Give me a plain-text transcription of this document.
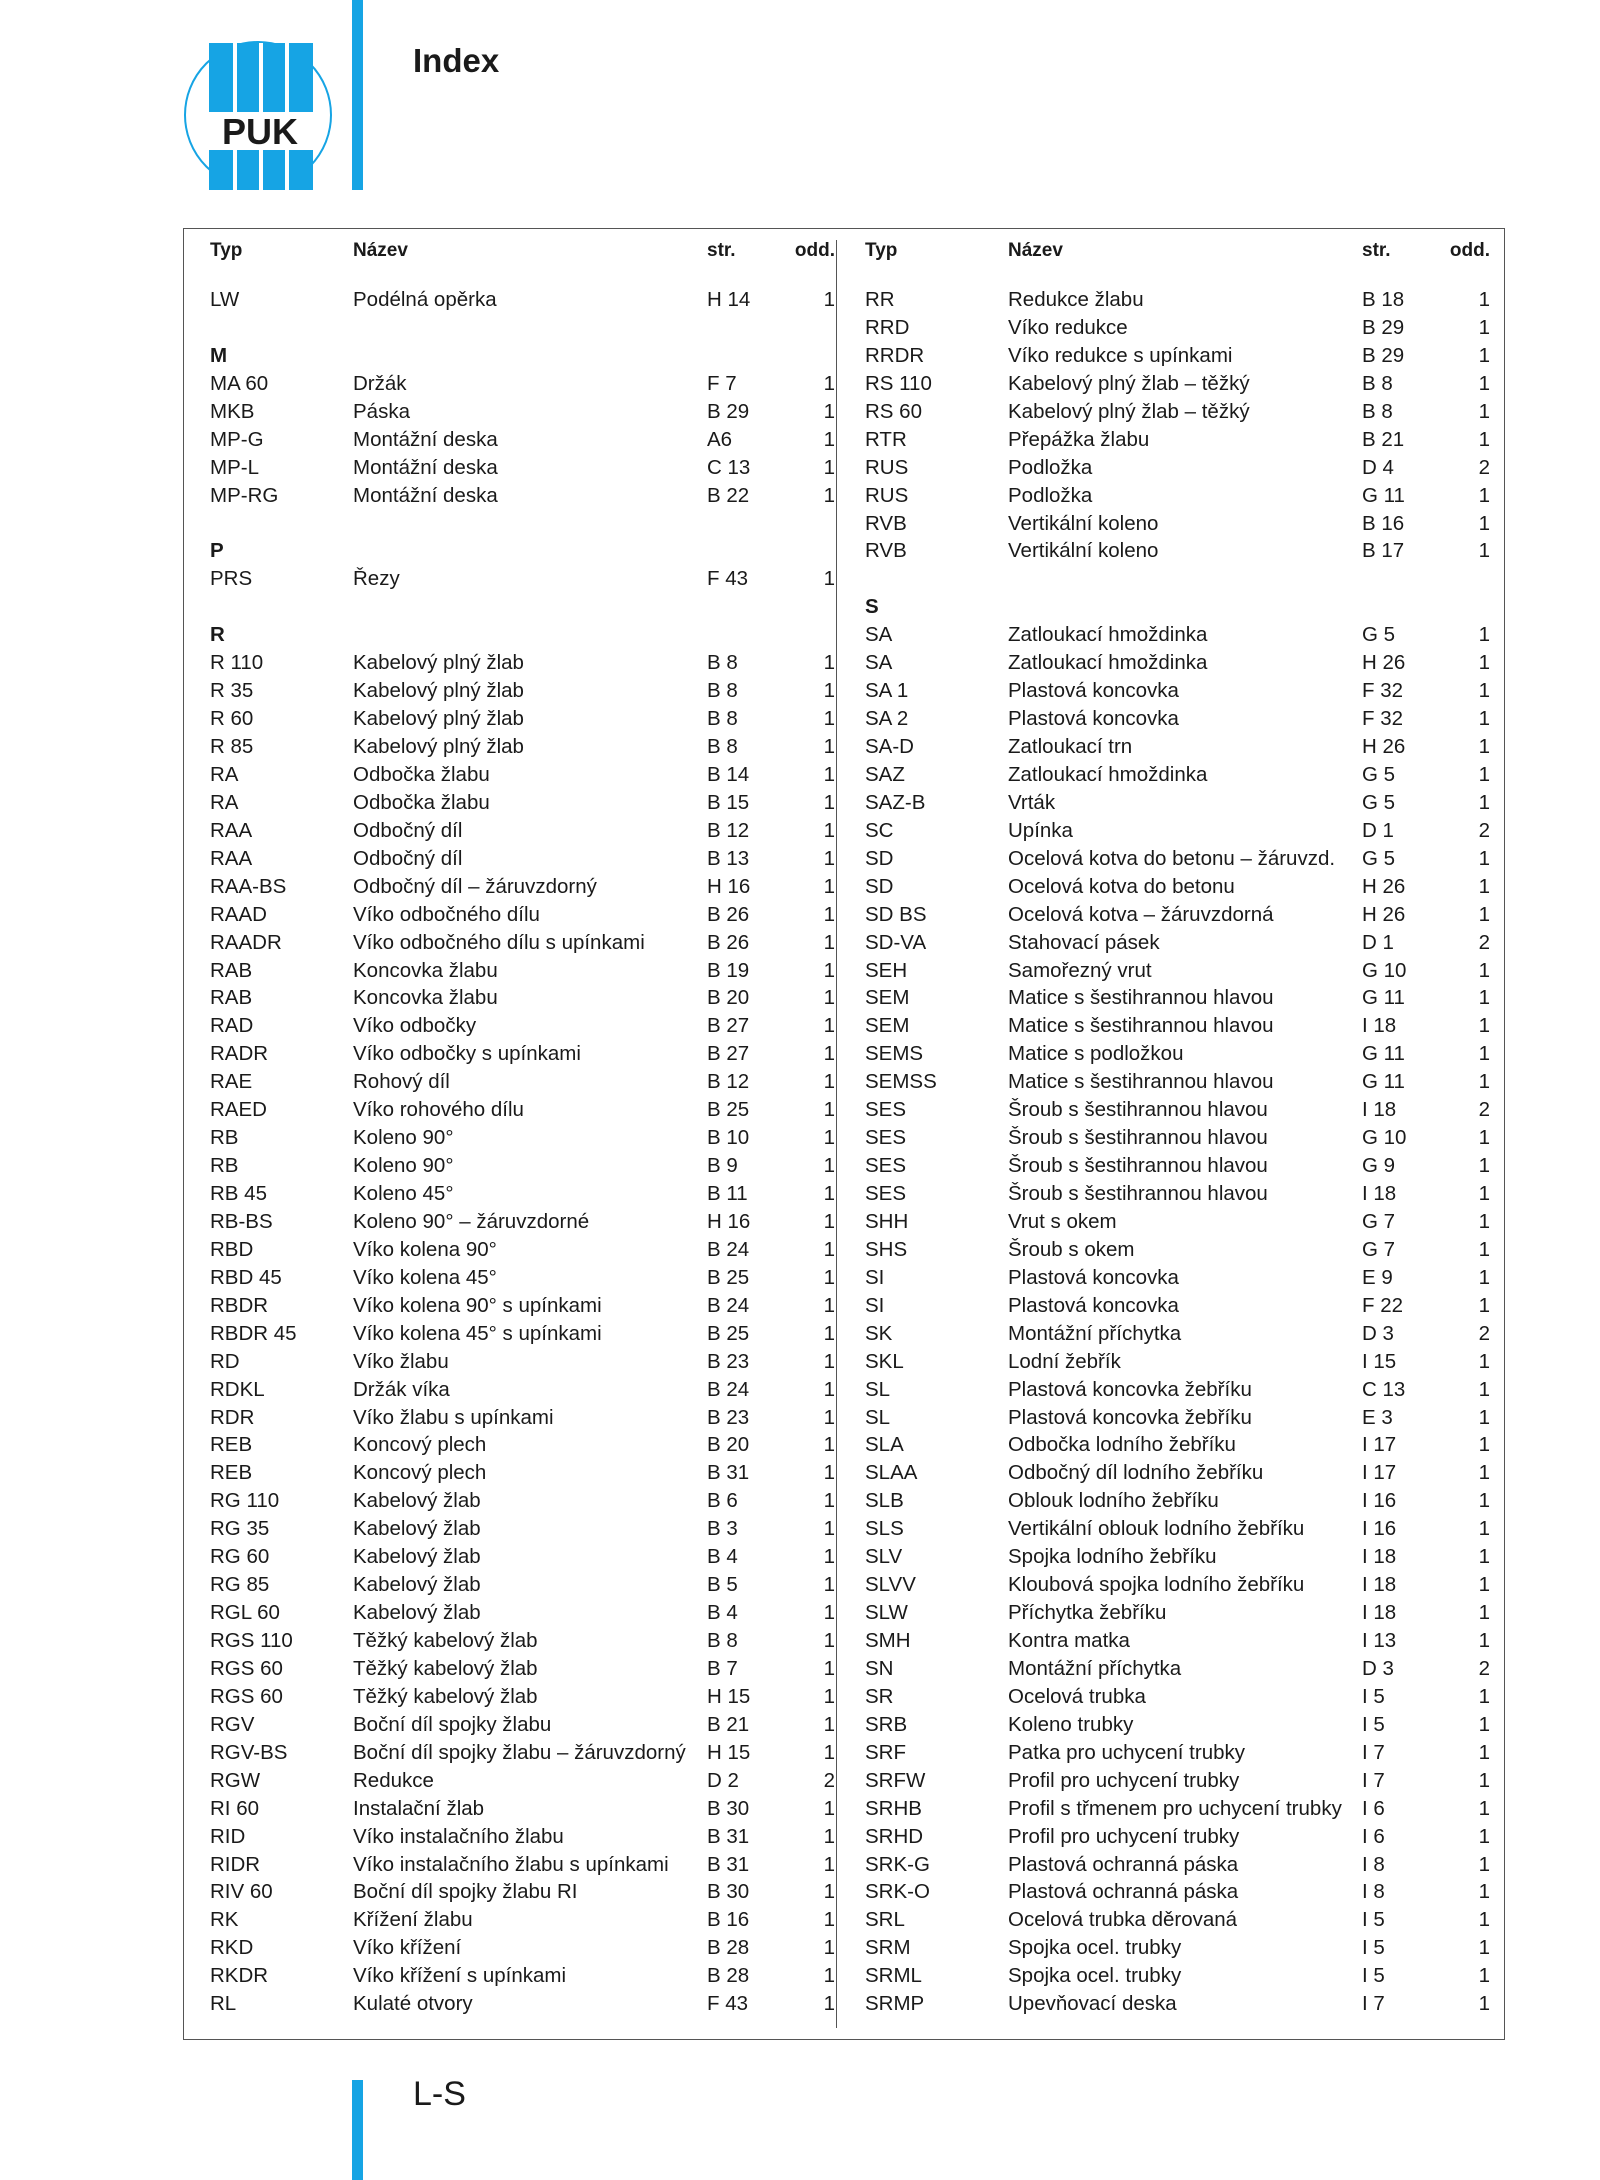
PUK
Index
Typ	Název	str.	odd.
LW	Podélná opěrka	H 14	1
M
MA 60	Držák	F 7	1
MKB	Páska	B 29	1
MP-G	Montážní deska	A6	1
MP-L	Montážní deska	C 13	1
MP-RG	Montážní deska	B 22	1
P
PRS	Řezy	F 43	1
R
R 110	Kabelový plný žlab	B 8	1
R 35	Kabelový plný žlab	B 8	1
R 60	Kabelový plný žlab	B 8	1
R 85	Kabelový plný žlab	B 8	1
RA	Odbočka žlabu	B 14	1
RA	Odbočka žlabu	B 15	1
RAA	Odbočný díl	B 12	1
RAA	Odbočný díl	B 13	1
RAA-BS	Odbočný díl – žáruvzdorný	H 16	1
RAAD	Víko odbočného dílu	B 26	1
RAADR	Víko odbočného dílu s upínkami	B 26	1
RAB	Koncovka žlabu	B 19	1
RAB	Koncovka žlabu	B 20	1
RAD	Víko odbočky	B 27	1
RADR	Víko odbočky s upínkami	B 27	1
RAE	Rohový díl	B 12	1
RAED	Víko rohového dílu	B 25	1
RB	Koleno 90°	B 10	1
RB	Koleno 90°	B 9	1
RB 45	Koleno 45°	B 11	1
RB-BS	Koleno 90° – žáruvzdorné	H 16	1
RBD	Víko kolena 90°	B 24	1
RBD 45	Víko kolena 45°	B 25	1
RBDR	Víko kolena 90° s upínkami	B 24	1
RBDR 45	Víko kolena 45° s upínkami	B 25	1
RD	Víko žlabu	B 23	1
RDKL	Držák víka	B 24	1
RDR	Víko žlabu s upínkami	B 23	1
REB	Koncový plech	B 20	1
REB	Koncový plech	B 31	1
RG 110	Kabelový žlab	B 6	1
RG 35	Kabelový žlab	B 3	1
RG 60	Kabelový žlab	B 4	1
RG 85	Kabelový žlab	B 5	1
RGL 60	Kabelový žlab	B 4	1
RGS 110	Těžký kabelový žlab	B 8	1
RGS 60	Těžký kabelový žlab	B 7	1
RGS 60	Těžký kabelový žlab	H 15	1
RGV	Boční díl spojky žlabu	B 21	1
RGV-BS	Boční díl spojky žlabu – žáruvzdorný H 15	1
RGW	Redukce	D 2	2
RI 60	Instalační žlab	B 30	1
RID	Víko instalačního žlabu	B 31	1
RIDR	Víko instalačního žlabu s upínkami B 31	1
RIV 60	Boční díl spojky žlabu RI	B 30	1
RK	Křížení žlabu	B 16	1
RKD	Víko křížení	B 28	1
RKDR	Víko křížení s upínkami	B 28	1
RL	Kulaté otvory	F 43	1
Typ	Název	str.	odd.
RR	Redukce žlabu	B 18	1
RRD	Víko redukce	B 29	1
RRDR	Víko redukce s upínkami	B 29	1
RS 110	Kabelový plný žlab – těžký	B 8	1
RS 60	Kabelový plný žlab – těžký	B 8	1
RTR	Přepážka žlabu	B 21	1
RUS	Podložka	D 4	2
RUS	Podložka	G 11	1
RVB	Vertikální koleno	B 16	1
RVB	Vertikální koleno	B 17	1
S
SA	Zatloukací hmoždinka	G 5	1
SA	Zatloukací hmoždinka	H 26	1
SA 1	Plastová koncovka	F 32	1
SA 2	Plastová koncovka	F 32	1
SA-D	Zatloukací trn	H 26	1
SAZ	Zatloukací hmoždinka	G 5	1
SAZ-B	Vrták	G 5	1
SC	Upínka	D 1	2
SD	Ocelová kotva do betonu – žáruvzd. G 5	1
SD	Ocelová kotva do betonu	H 26	1
SD BS	Ocelová kotva – žáruvzdorná	H 26	1
SD-VA	Stahovací pásek	D 1	2
SEH	Samořezný vrut	G 10	1
SEM	Matice s šestihrannou hlavou	G 11	1
SEM	Matice s šestihrannou hlavou	I 18	1
SEMS	Matice s podložkou	G 11	1
SEMSS	Matice s šestihrannou hlavou	G 11	1
SES	Šroub s šestihrannou hlavou	I 18	2
SES	Šroub s šestihrannou hlavou	G 10	1
SES	Šroub s šestihrannou hlavou	G 9	1
SES	Šroub s šestihrannou hlavou	I 18	1
SHH	Vrut s okem	G 7	1
SHS	Šroub s okem	G 7	1
SI	Plastová koncovka	E 9	1
SI	Plastová koncovka	F 22	1
SK	Montážní příchytka	D 3	2
SKL	Lodní žebřík	I 15	1
SL	Plastová koncovka žebříku	C 13	1
SL	Plastová koncovka žebříku	E 3	1
SLA	Odbočka lodního žebříku	I 17	1
SLAA	Odbočný díl lodního žebříku	I 17	1
SLB	Oblouk lodního žebříku	I 16	1
SLS	Vertikální oblouk lodního žebříku	I 16	1
SLV	Spojka lodního žebříku	I 18	1
SLVV	Kloubová spojka lodního žebříku	I 18	1
SLW	Příchytka žebříku	I 18	1
SMH	Kontra matka	I 13	1
SN	Montážní příchytka	D 3	2
SR	Ocelová trubka	I 5	1
SRB	Koleno trubky	I 5	1
SRF	Patka pro uchycení trubky	I 7	1
SRFW	Profil pro uchycení trubky	I 7	1
SRHB	Profil s třmenem pro uchycení trubky I 6	1
SRHD	Profil pro uchycení trubky	I 6	1
SRK-G	Plastová ochranná páska	I 8	1
SRK-O	Plastová ochranná páska	I 8	1
SRL	Ocelová trubka děrovaná	I 5	1
SRM	Spojka ocel. trubky	I 5	1
SRML	Spojka ocel. trubky	I 5	1
SRMP	Upevňovací deska	I 7	1
L-S
